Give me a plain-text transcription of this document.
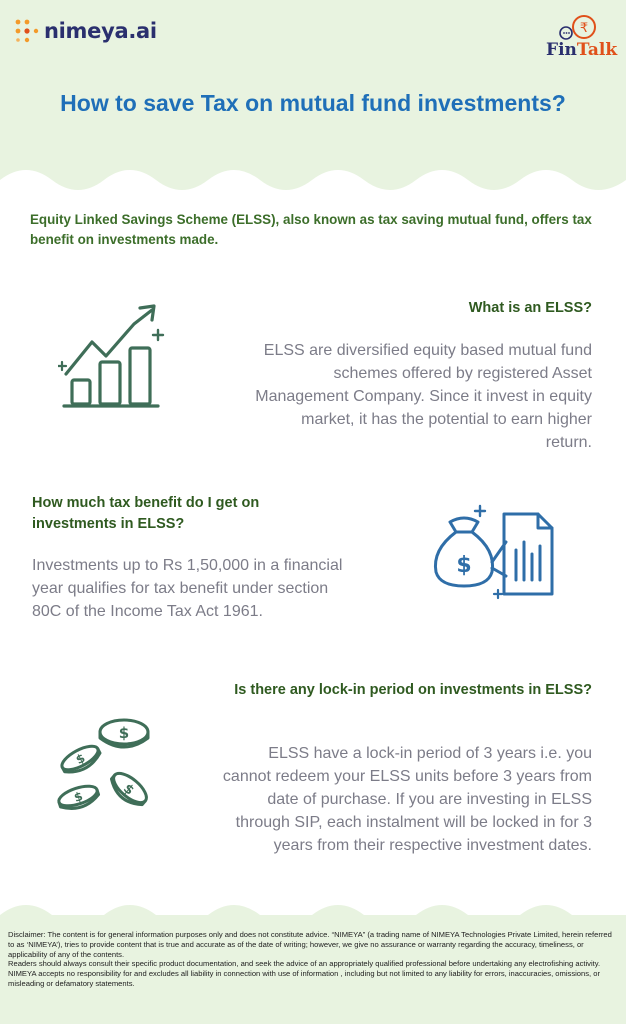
nimeya.ai	₹
FinTalk
How to save Tax on mutual fund investments?
Equity Linked Savings Scheme (ELSS), also known as tax saving mutual fund, offers tax benefit on investments made.
What is an ELSS?
ELSS are diversified equity based mutual fund schemes offered by registered Asset Management Company. Since it invest in equity market, it has the potential to earn higher return.
How much tax benefit do I get on investments in ELSS?
Investments up to Rs 1,50,000 in a financial year qualifies for tax benefit under section 80C of the Income Tax Act 1961.
$
Is there any lock-in period on investments in ELSS?
ELSS have a lock-in period of 3 years i.e. you cannot redeem your ELSS units before 3 years from date of purchase. If you are investing in ELSS through SIP, each instalment will be locked in for 3 years from their respective investment dates.
$
$
$
$

Disclaimer: The content is for general information purposes only and does not constitute advice. “NIMEYA” (a trading name of NIMEYA Technologies Private Limited, herein referred to as ‘NIMEYA’), tries to provide content that is true and accurate as of the date of writing; however, we give no assurance or warranty regarding the accuracy, timeliness, or applicability of any of the contents.

Readers should always consult their specific product documentation, and seek the advice of an appropriately qualified professional before undertaking any electrofishing activity.

NIMEYA accepts no responsibility for and excludes all liability in connection with use of information , including but not limited to any liability for errors, inaccuracies, omissions, or misleading or defamatory statements.
